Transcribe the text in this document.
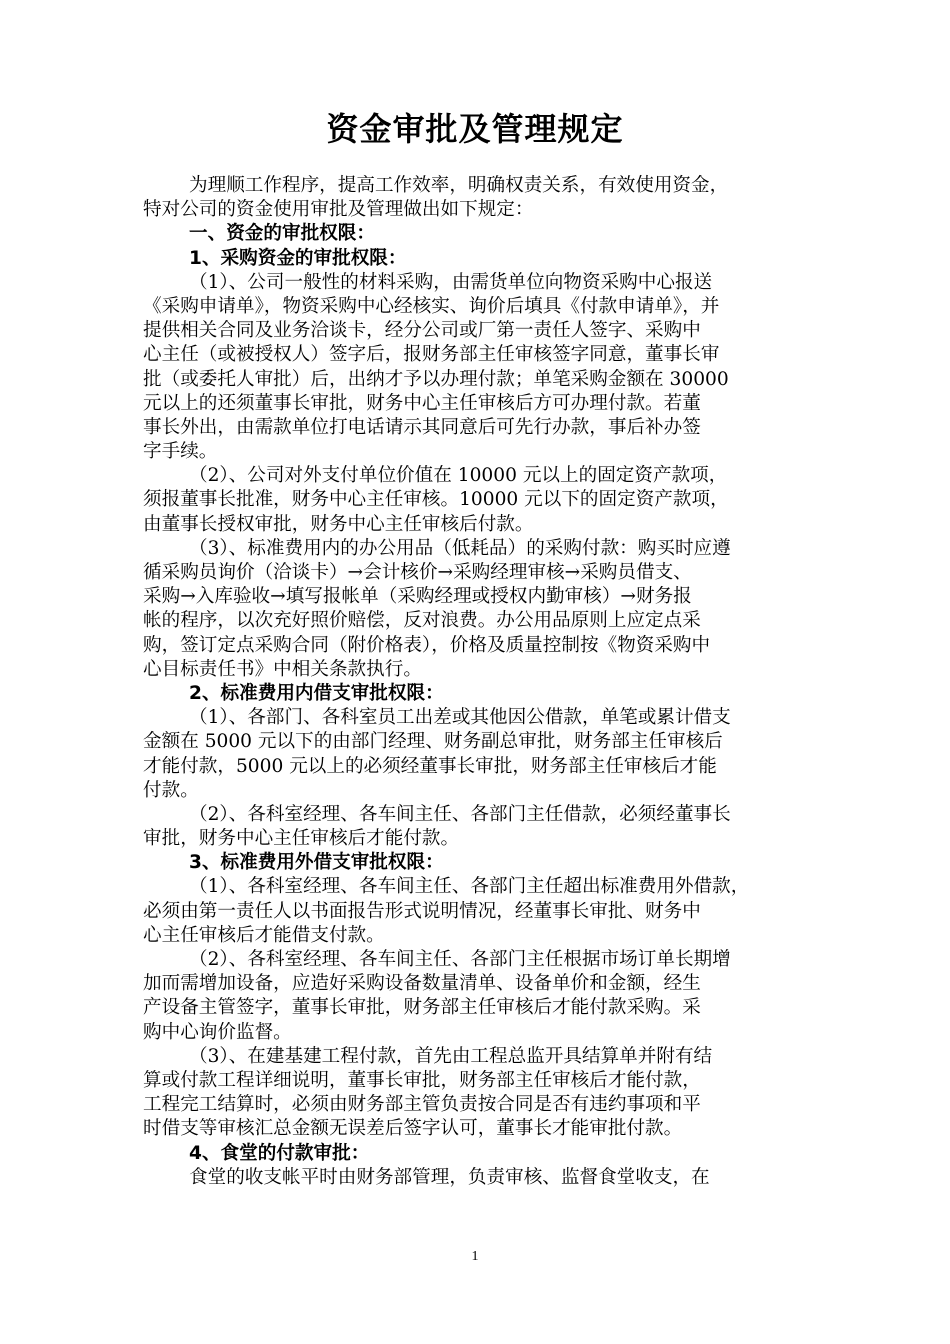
资金审批及管理规定
为理顺工作程序，提高工作效率，明确权责关系，有效使用资金，
特对公司的资金使用审批及管理做出如下规定：
一、资金的审批权限：
1、采购资金的审批权限：
（1）、公司一般性的材料采购，由需货单位向物资采购中心报送
《采购申请单》，物资采购中心经核实、询价后填具《付款申请单》，并
提供相关合同及业务洽谈卡，经分公司或厂第一责任人签字、采购中
心主任（或被授权人）签字后，报财务部主任审核签字同意，董事长审
批（或委托人审批）后，出纳才予以办理付款；单笔采购金额在 30000
元以上的还须董事长审批，财务中心主任审核后方可办理付款。若董
事长外出，由需款单位打电话请示其同意后可先行办款，事后补办签
字手续。
（2）、公司对外支付单位价值在 10000 元以上的固定资产款项，
须报董事长批准，财务中心主任审核。10000 元以下的固定资产款项，
由董事长授权审批，财务中心主任审核后付款。
（3）、标准费用内的办公用品（低耗品）的采购付款：购买时应遵
循采购员询价（洽谈卡）→会计核价→采购经理审核→采购员借支、
采购→入库验收→填写报帐单（采购经理或授权内勤审核）→财务报
帐的程序，以次充好照价赔偿，反对浪费。办公用品原则上应定点采
购，签订定点采购合同（附价格表），价格及质量控制按《物资采购中
心目标责任书》中相关条款执行。
2、标准费用内借支审批权限：
（1）、各部门、各科室员工出差或其他因公借款，单笔或累计借支
金额在 5000 元以下的由部门经理、财务副总审批，财务部主任审核后
才能付款，5000 元以上的必须经董事长审批，财务部主任审核后才能
付款。
（2）、各科室经理、各车间主任、各部门主任借款，必须经董事长
审批，财务中心主任审核后才能付款。
3、标准费用外借支审批权限：
（1）、各科室经理、各车间主任、各部门主任超出标准费用外借款，
必须由第一责任人以书面报告形式说明情况，经董事长审批、财务中
心主任审核后才能借支付款。
（2）、各科室经理、各车间主任、各部门主任根据市场订单长期增
加而需增加设备，应造好采购设备数量清单、设备单价和金额，经生
产设备主管签字，董事长审批，财务部主任审核后才能付款采购。采
购中心询价监督。
（3）、在建基建工程付款，首先由工程总监开具结算单并附有结
算或付款工程详细说明，董事长审批，财务部主任审核后才能付款，
工程完工结算时，必须由财务部主管负责按合同是否有违约事项和平
时借支等审核汇总金额无误差后签字认可，董事长才能审批付款。
4、食堂的付款审批：
食堂的收支帐平时由财务部管理，负责审核、监督食堂收支，在
1
